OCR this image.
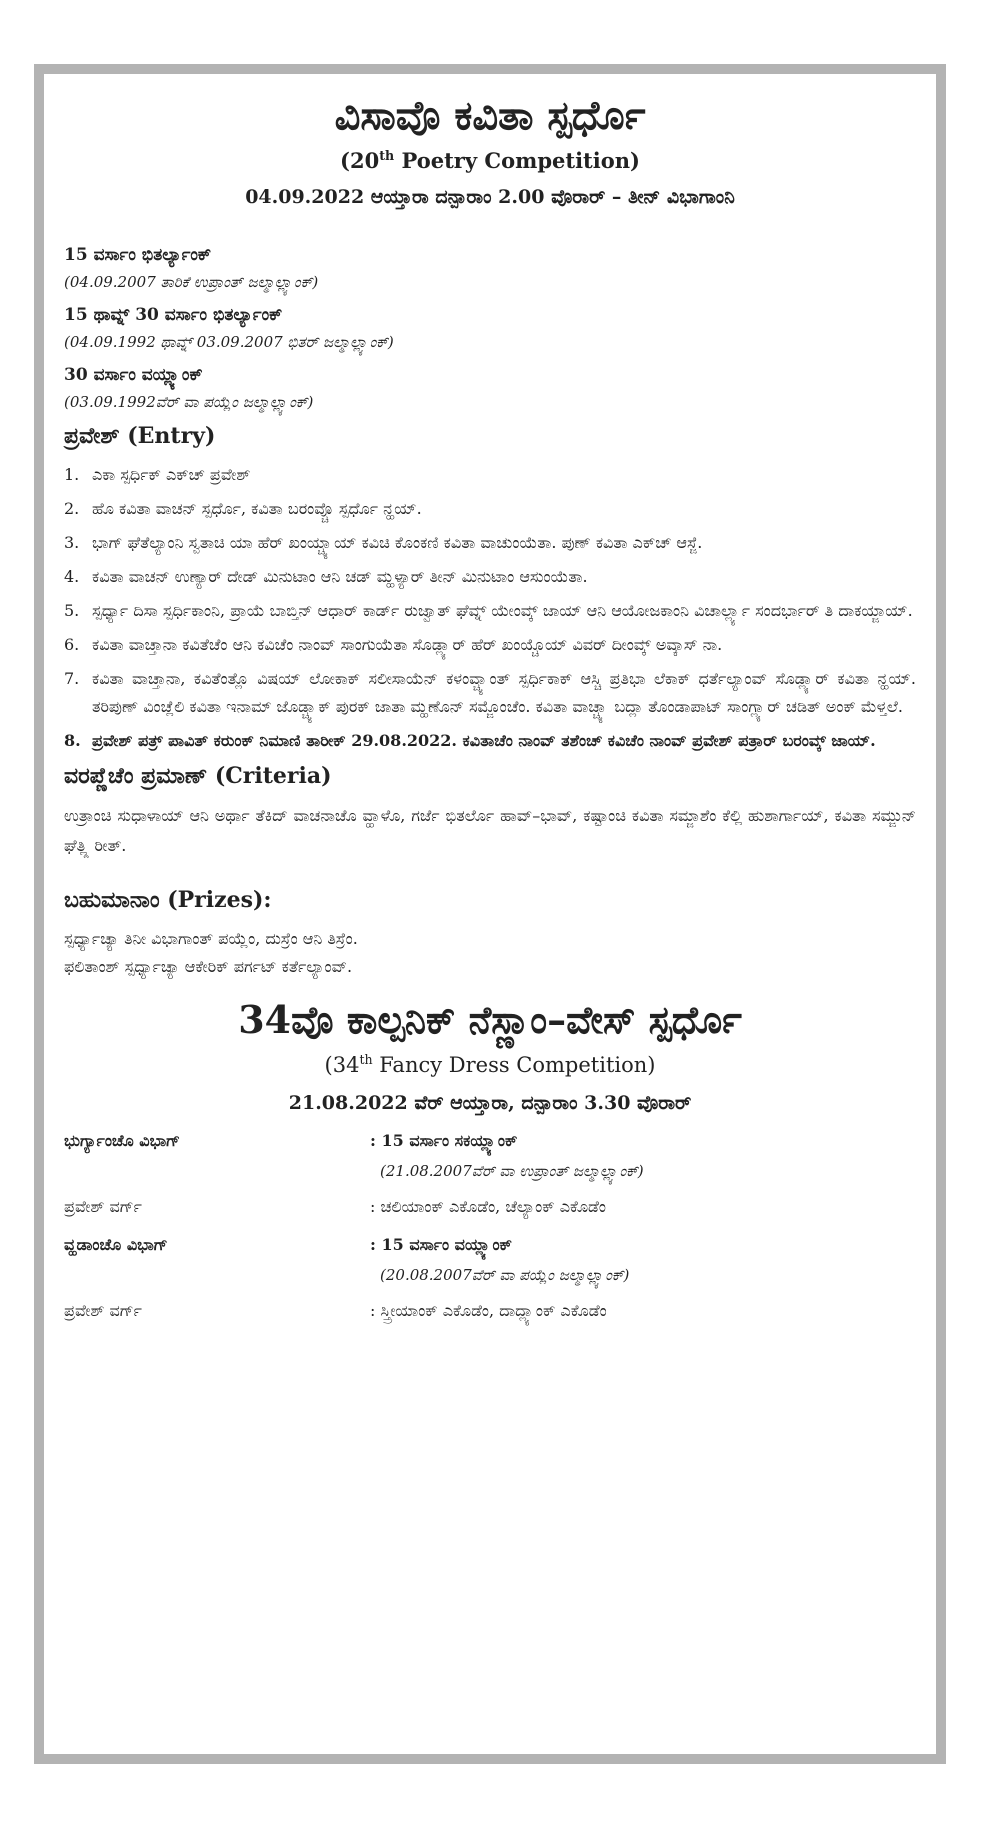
ವಿಸಾವೊ ಕವಿತಾ ಸ್ಪರ್ಧೊ
(20th Poetry Competition)
04.09.2022 ಆಯ್ತಾರಾ ದನ್ಪಾರಾಂ 2.00 ವೊರಾರ್ – ತೀನ್ ವಿಭಾಗಾಂನಿ
15 ವರ್ಸಾಂ ಭಿತರ್ಲ್ಯಾಂಕ್
(04.09.2007 ತಾರಿಕೆ ಉಪ್ರಾಂತ್ ಜಲ್ಮಾಲ್ಲ್ಯಾಂಕ್)
15 ಥಾವ್ನ್ 30 ವರ್ಸಾಂ ಭಿತರ್ಲ್ಯಾಂಕ್
(04.09.1992 ಥಾವ್ನ್ 03.09.2007 ಭಿತರ್ ಜಲ್ಮಾಲ್ಲ್ಯಾಂಕ್)
30 ವರ್ಸಾಂ ವಯ್ಲ್ಯಾಂಕ್
(03.09.1992ವೆರ್ ವಾ ಪಯ್ಲೆಂ ಜಲ್ಮಾಲ್ಲ್ಯಾಂಕ್)
ಪ್ರವೇಶ್ (Entry)
1. ಎಕಾ ಸ್ಪರ್ಧಿಕ್ ಎಕ್‌ಚ್ ಪ್ರವೇಶ್
2. ಹೊ ಕವಿತಾ ವಾಚನ್ ಸ್ಪರ್ಧೊ, ಕವಿತಾ ಬರಂವ್ಚೊ ಸ್ಪರ್ಧೊ ನ್ಹಯ್.
3. ಭಾಗ್ ಘೆತೆಲ್ಯಾಂನಿ ಸ್ವತಾಚಿ ಯಾ ಹೆರ್ ಖಂಯ್ಚ್ಯಾಯ್ ಕವಿಚಿ ಕೊಂಕಣಿ ಕವಿತಾ ವಾಚುಂಯೆತಾ. ಪುಣ್ ಕವಿತಾ ಎಕ್‌ಚ್ ಆಸ್ಜೆ.
4. ಕವಿತಾ ವಾಚನ್ ಉಣ್ಯಾರ್ ದೇಡ್ ಮಿನುಟಾಂ ಆನಿ ಚಡ್ ಮ್ಹಳ್ಯಾರ್ ತೀನ್ ಮಿನುಟಾಂ ಆಸುಂಯೆತಾ.
5. ಸ್ಪರ್ಧ್ಯಾ ದಿಸಾ ಸ್ಪರ್ಧಿಕಾಂನಿ, ಪ್ರಾಯೆ ಬಾಬ್ತಿನ್ ಆಧಾರ್ ಕಾರ್ಡ್ ರುಜ್ವಾತ್ ಘೆವ್ನ್ ಯೇಂವ್ಕ್ ಜಾಯ್ ಆನಿ ಆಯೋಜಕಾಂನಿ ವಿಚಾರ್ಲ್ಲ್ಯಾ ಸಂದರ್ಭಾರ್ ತಿ ದಾಕಯ್ಜಾಯ್.
6. ಕವಿತಾ ವಾಚ್ತಾನಾ ಕವಿತೆಚೆಂ ಆನಿ ಕವಿಚೆಂ ನಾಂವ್ ಸಾಂಗುಯೆತಾ ಸೊಡ್ಲ್ಯಾರ್ ಹೆರ್ ಖಂಯ್ಚೊಯ್ ವಿವರ್ ದೀಂವ್ಕ್ ಅವ್ಕಾಸ್ ನಾ.
7. ಕವಿತಾ ವಾಚ್ತಾನಾ, ಕವಿತೆಂತ್ಲೊ ವಿಷಯ್ ಲೋಕಾಕ್ ಸಲೀಸಾಯೆನ್ ಕಳಂವ್ಚ್ಯಾಂತ್ ಸ್ಪರ್ಧಿಕಾಕ್ ಆಸ್ಚಿ ಪ್ರತಿಭಾ ಲೆಕಾಕ್ ಧರ್ತೆಲ್ಯಾಂವ್ ಸೊಡ್ಲ್ಯಾರ್ ಕವಿತಾ ನ್ಹಯ್. ತರಿಪುಣ್ ವಿಂಚ್ಲೆಲಿ ಕವಿತಾ ಇನಾಮ್ ಜೊಡ್ಚ್ಯಾಕ್ ಪುರಕ್ ಜಾತಾ ಮ್ಹಣೊನ್ ಸಮ್ಜೊಂಚೆಂ. ಕವಿತಾ ವಾಚ್ಚ್ಯಾ ಬದ್ಲಾ ತೊಂಡಾಪಾಟ್ ಸಾಂಗ್ಲ್ಯಾರ್ ಚಡಿತ್ ಅಂಕ್ ಮೆಳ್ತಲೆ.
8. ಪ್ರವೇಶ್ ಪತ್ರ್ ಪಾವಿತ್ ಕರುಂಕ್ ನಿಮಾಣಿ ತಾರೀಕ್ 29.08.2022. ಕವಿತಾಚೆಂ ನಾಂವ್ ತಶೆಂಚ್ ಕವಿಚೆಂ ನಾಂವ್ ಪ್ರವೇಶ್ ಪತ್ರಾರ್ ಬರಂವ್ಕ್ ಜಾಯ್.
ವರಪ್ಣೆಚೆಂ ಪ್ರಮಾಣ್ (Criteria)
ಉತ್ರಾಂಚಿ ಸುಧಾಳಾಯ್ ಆನಿ ಅರ್ಥಾ ತೆಕಿದ್ ವಾಚನಾಚೊ ವ್ಹಾಳೊ, ಗರ್ಜೆ ಭಿತರ್ಲೊ ಹಾವ್–ಭಾವ್, ಕಷ್ಟಾಂಚಿ ಕವಿತಾ ಸಮ್ಜಾಶೆಂ ಕೆಲ್ಲಿ ಹುಶಾರ್ಗಾಯ್, ಕವಿತಾ ಸಮ್ಜುನ್ ಘೆತ್ಲ್ಲಿ ರೀತ್.
ಬಹುಮಾನಾಂ (Prizes):
ಸ್ಪರ್ಧ್ಯಾಚ್ಯಾ ತಿನೀ ವಿಭಾಗಾಂತ್ ಪಯ್ಲೆಂ, ದುಸ್ರೆಂ ಆನಿ ತಿಸ್ರೆಂ.
ಫಲಿತಾಂಶ್ ಸ್ಪರ್ಧ್ಯಾಚ್ಯಾ ಆಕೇರಿಕ್ ಪರ್ಗಟ್ ಕರ್ತೆಲ್ಯಾಂವ್.
34ವೊ ಕಾಲ್ಪನಿಕ್ ನೆಸ್ಣಾಂ–ವೇಸ್ ಸ್ಪರ್ಧೊ
(34th Fancy Dress Competition)
21.08.2022 ವೆರ್ ಆಯ್ತಾರಾ, ದನ್ಪಾರಾಂ 3.30 ವೊರಾರ್
ಭುರ್ಗ್ಯಾಂಚೊ ವಿಭಾಗ್	: 15 ವರ್ಸಾಂ ಸಕಯ್ಲ್ಯಾಂಕ್
(21.08.2007ವೆರ್ ವಾ ಉಪ್ರಾಂತ್ ಜಲ್ಮಾಲ್ಲ್ಯಾಂಕ್)
ಪ್ರವೇಶ್ ವರ್ಗ್	: ಚಲಿಯಾಂಕ್ ಎಕೊಡೆಂ, ಚೆಲ್ಯಾಂಕ್ ಎಕೊಡೆಂ
ವ್ಹಡಾಂಚೊ ವಿಭಾಗ್	: 15 ವರ್ಸಾಂ ವಯ್ಲ್ಯಾಂಕ್
(20.08.2007ವೆರ್ ವಾ ಪಯ್ಲೆಂ ಜಲ್ಮಾಲ್ಲ್ಯಾಂಕ್)
ಪ್ರವೇಶ್ ವರ್ಗ್	: ಸ್ತ್ರೀಯಾಂಕ್ ಎಕೊಡೆಂ, ದಾದ್ಲ್ಯಾಂಕ್ ಎಕೊಡೆಂ
